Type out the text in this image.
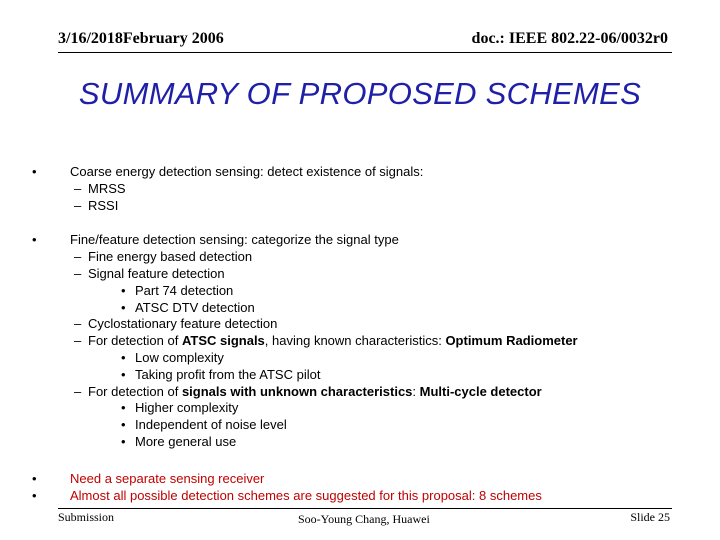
3/16/2018February 2006	doc.: IEEE 802.22-06/0032r0
SUMMARY OF PROPOSED SCHEMES
•	Coarse energy detection sensing: detect existence of signals:
– MRSS
– RSSI
•	Fine/feature detection sensing: categorize the signal type
– Fine energy based detection
– Signal feature detection
• Part 74 detection
• ATSC DTV detection
– Cyclostationary feature detection
– For detection of ATSC signals, having known characteristics: Optimum Radiometer
• Low complexity
• Taking profit from the ATSC pilot
– For detection of signals with unknown characteristics: Multi-cycle detector
• Higher complexity
• Independent of noise level
• More general use
•	Need a separate sensing receiver
•	Almost all possible detection schemes are suggested for this proposal: 8 schemes
Submission	Soo-Young Chang, Huawei	Slide 25
